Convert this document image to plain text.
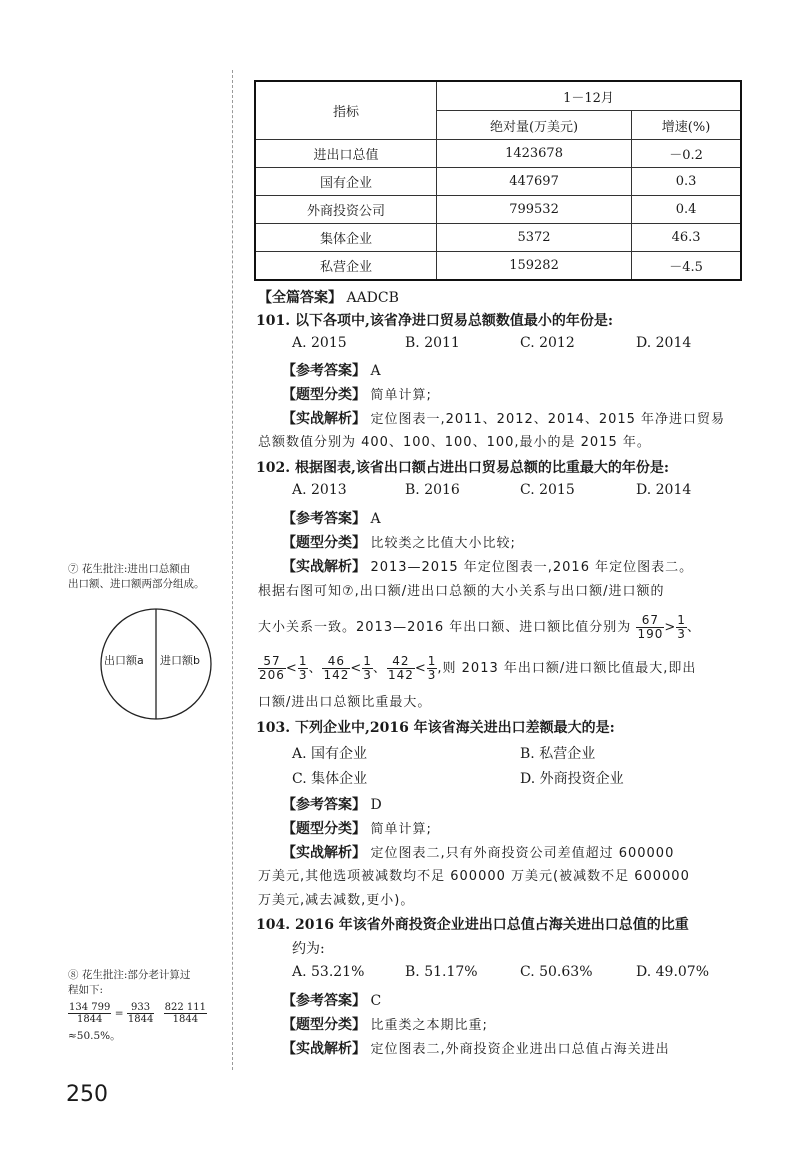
指标	1－12月	
	绝对量(万美元)	增速(%)
进出口总值	1423678	－0.2
国有企业	447697	0.3
外商投资公司	799532	0.4
集体企业	5372	46.3
私营企业	159282	－4.5
【全篇答案】 AADCB
101. 以下各项中,该省净进口贸易总额数值最小的年份是:
A. 2015	B. 2011	C. 2012	D. 2014
【参考答案】 A
【题型分类】 简单计算;
【实战解析】 定位图表一,2011、2012、2014、2015 年净进口贸易
总额数值分别为 400、100、100、100,最小的是 2015 年。
102. 根据图表,该省出口额占进出口贸易总额的比重最大的年份是:
A. 2013	B. 2016	C. 2015	D. 2014
【参考答案】 A
【题型分类】 比较类之比值大小比较;
【实战解析】 2013—2015 年定位图表一,2016 年定位图表二。
根据右图可知⑦,出口额/进出口总额的大小关系与出口额/进口额的
大小关系一致。2013—2016 年出口额、进口额比值分别为 $\frac{67}{190} > \frac{1}{3}$ 、
$\frac{57}{206} < \frac{1}{3}$ 、 $\frac{46}{142} < \frac{1}{3}$ 、 $\frac{42}{142} < \frac{1}{3}$ ,则 2013 年出口额/进口额比值最大,即出
口额/进出口总额比重最大。
⑦ 花生批注:进出口总额由
出口额、进口额两部分组成。
出口额a 进口额b
103. 下列企业中,2016 年该省海关进出口差额最大的是:
A. 国有企业	B. 私营企业
C. 集体企业	D. 外商投资企业
【参考答案】 D
【题型分类】 简单计算;
【实战解析】 定位图表二,只有外商投资公司差值超过 600000
万美元,其他选项被减数均不足 600000 万美元(被减数不足 600000
万美元,减去减数,更小)。
104. 2016 年该省外商投资企业进出口总值占海关进出口总值的比重
约为:
A. 53.21%	B. 51.17%	C. 50.63%	D. 49.07%
【参考答案】 C
【题型分类】 比重类之本期比重;
【实战解析】 定位图表二,外商投资企业进出口总值占海关进出
⑧ 花生批注:部分老计算过
程如下:
$\frac{134 799}{1844} = \frac{933}{1844}$
$\frac{822 111}{1844}$
≈50.5%。
250
